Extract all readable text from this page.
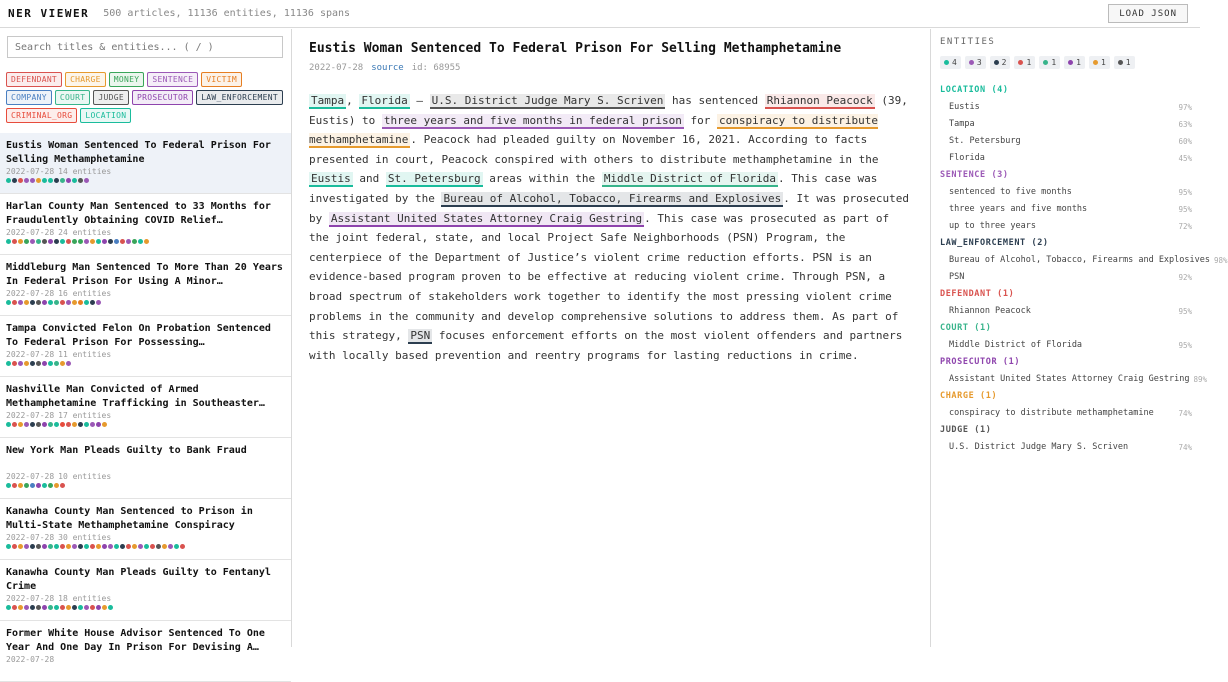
NER VIEWER 500 articles, 11136 entities, 11136 spans	LOAD JSON
Search titles & entities... ( / )
DEFENDANT	CHARGE	MONEY	SENTENCE	VICTIM
COMPANY	COURT	JUDGE	PROSECUTOR	LAW_ENFORCEMENT
CRIMINAL_ORG	LOCATION
Eustis Woman Sentenced To Federal Prison For Selling Methamphetamine
2022-07-28 14 entities
Harlan County Man Sentenced to 33 Months for Fraudulently Obtaining COVID Relief…
2022-07-28 24 entities
Middleburg Man Sentenced To More Than 20 Years In Federal Prison For Using A Minor…
2022-07-28 16 entities
Tampa Convicted Felon On Probation Sentenced To Federal Prison For Possessing…
2022-07-28 11 entities
Nashville Man Convicted of Armed Methamphetamine Trafficking in Southeaster…
2022-07-28 17 entities
New York Man Pleads Guilty to Bank Fraud
2022-07-28 10 entities
Kanawha County Man Sentenced to Prison in Multi-State Methamphetamine Conspiracy
2022-07-28 30 entities
Kanawha County Man Pleads Guilty to Fentanyl Crime
2022-07-28 18 entities
Former White House Advisor Sentenced To One Year And One Day In Prison For Devising A…
2022-07-28
Eustis Woman Sentenced To Federal Prison For Selling Methamphetamine
2022-07-28 source id: 68955
Tampa , Florida – U.S. District Judge Mary S. Scriven has sentenced Rhiannon Peacock (39, Eustis) to three years and five months in federal prison for conspiracy to distribute methamphetamine . Peacock had pleaded guilty on November 16, 2021. According to facts presented in court, Peacock conspired with others to distribute methamphetamine in the Eustis and St. Petersburg areas within the Middle District of Florida . This case was investigated by the Bureau of Alcohol, Tobacco, Firearms and Explosives . It was prosecuted by Assistant United States Attorney Craig Gestring . This case was prosecuted as part of the joint federal, state, and local Project Safe Neighborhoods (PSN) Program, the centerpiece of the Department of Justice’s violent crime reduction efforts. PSN is an evidence-based program proven to be effective at reducing violent crime. Through PSN, a broad spectrum of stakeholders work together to identify the most pressing violent crime problems in the community and develop comprehensive solutions to address them. As part of this strategy, PSN focuses enforcement efforts on the most violent offenders and partners with locally based prevention and reentry programs for lasting reductions in crime.
ENTITIES
4	3	2	1	1	1	1	1
LOCATION (4)
Eustis	97%
Tampa	63%
St. Petersburg	60%
Florida	45%
SENTENCE (3)
sentenced to five months	95%
three years and five months	95%
up to three years	72%
LAW_ENFORCEMENT (2)
Bureau of Alcohol, Tobacco, Firearms and Explosives 98%
PSN	92%
DEFENDANT (1)
Rhiannon Peacock	95%
COURT (1)
Middle District of Florida	95%
PROSECUTOR (1)
Assistant United States Attorney Craig Gestring 89%
CHARGE (1)
conspiracy to distribute methamphetamine	74%
JUDGE (1)
U.S. District Judge Mary S. Scriven	74%
